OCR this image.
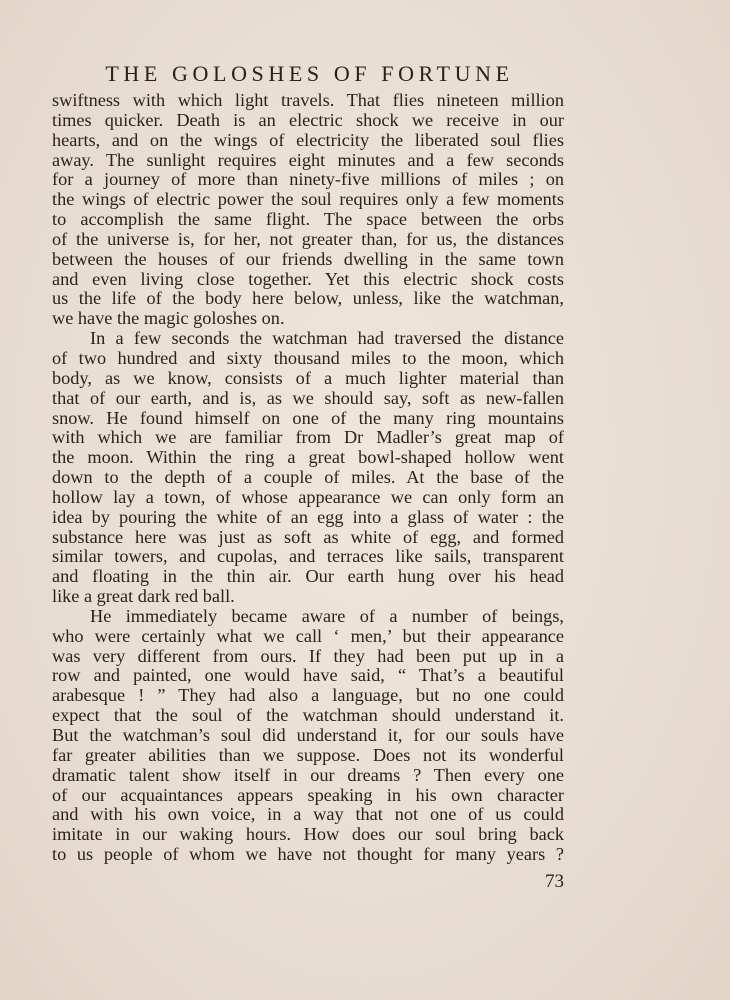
THE GOLOSHES OF FORTUNE
swiftness with which light travels. That flies nineteen million
times quicker. Death is an electric shock we receive in our
hearts, and on the wings of electricity the liberated soul flies
away. The sunlight requires eight minutes and a few seconds
for a journey of more than ninety-five millions of miles ; on
the wings of electric power the soul requires only a few moments
to accomplish the same flight. The space between the orbs
of the universe is, for her, not greater than, for us, the distances
between the houses of our friends dwelling in the same town
and even living close together. Yet this electric shock costs
us the life of the body here below, unless, like the watchman,
we have the magic goloshes on.
In a few seconds the watchman had traversed the distance
of two hundred and sixty thousand miles to the moon, which
body, as we know, consists of a much lighter material than
that of our earth, and is, as we should say, soft as new-fallen
snow. He found himself on one of the many ring mountains
with which we are familiar from Dr Madler’s great map of
the moon. Within the ring a great bowl-shaped hollow went
down to the depth of a couple of miles. At the base of the
hollow lay a town, of whose appearance we can only form an
idea by pouring the white of an egg into a glass of water : the
substance here was just as soft as white of egg, and formed
similar towers, and cupolas, and terraces like sails, transparent
and floating in the thin air. Our earth hung over his head
like a great dark red ball.
He immediately became aware of a number of beings,
who were certainly what we call ‘ men,’ but their appearance
was very different from ours. If they had been put up in a
row and painted, one would have said, “ That’s a beautiful
arabesque ! ” They had also a language, but no one could
expect that the soul of the watchman should understand it.
But the watchman’s soul did understand it, for our souls have
far greater abilities than we suppose. Does not its wonderful
dramatic talent show itself in our dreams ? Then every one
of our acquaintances appears speaking in his own character
and with his own voice, in a way that not one of us could
imitate in our waking hours. How does our soul bring back
to us people of whom we have not thought for many years ?
73
